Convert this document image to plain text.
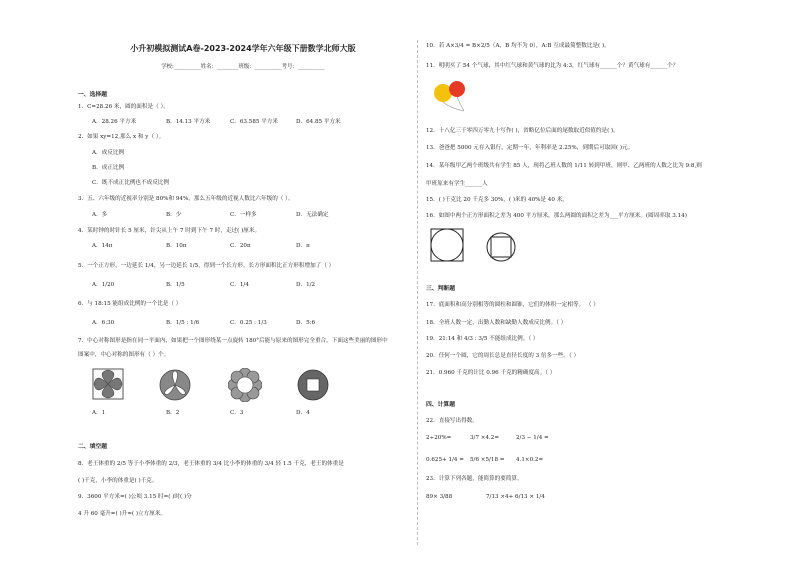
小升初模拟测试A卷-2023-2024学年六年级下册数学北师大版
学校:__________姓名：________班级：__________考号：__________
一、选择题
1．C=28.26 米，圆的面积是（ ）。
A．28.26 平方米	B．14.13 平方米	C．63.585 平方米	D．64.85 平方米
2．如果 xy=12,那么 x 和 y（ ）。
A．成反比例
B．成正比例
C．既不成正比例也不成反比例
3．五、六年级的近视率分别是 80%和 94%，那么五年级的近视人数比六年级的（ ）。
A．多	B．少	C．一样多	D．无法确定
4．某时钟的时针长 5 厘米，针尖从上午 7 时到下午 7 时，走过( )厘米。
A．14π	B．10π	C．20π	D．π
5．一个正方形，一边延长 1/4，另一边延长 1/5，得到一个长方形。长方形面积比正方形积增加了（ ）
A．1/20	B．1/5	C．1/4	D．1/2
6．与 18:15 能组成比例的一个比是（ ）
A．6:30	B．1/5 : 1/6	C．0.25 : 1/3	D．5:6
7．中心对称图形是指在同一平面内，如果把一个图形绕某一点旋转 180°后能与原来的图形完全重合，下面这些美丽的图形中
图案中，中心对称的图形有（ ）个。
A．1	B．2	C．3	D．4
二、填空题
8．老王体重的 2/5 等于小李体重的 2/3，老王体重的 3/4 比小李的体重的 3/4 轻 1.5 千克，老王的体重是
( )千克，小李的体重是( )千克。
9．3600 平方米=( )公顷 3.15 时=( )时( )分
4 升 60 毫升=( )升=( )立方厘米。
10．若 A×3/4 = B×2/5（A，B 均不为 0），A:B 互成最简整数比是( )。
11．明明买了 54 个气球，其中红气球和黄气球的比为 4:3，红气球有______个？黄气球有______个？
12．十八亿三千零四万零九十写作( )，省略亿位后面的尾数取近似值约是( )。
13．爸爸把 5000 元存入银行，定期一年，年利率是 2.25%，到期后可取回( )元。
14．某年级甲乙两个班级共有学生 85 人，现将乙班人数的 1/11 转到甲班，则甲、乙两班的人数之比为 9:8,则
甲班原来有学生______人
15．( )千克比 20 千克多 30%，( )米的 40%是 40 米。
16．如图中两个正方形面积之差为 400 平方厘米，那么两圆的面积之差为___平方厘米。(圆周率取 3.14)
三、判断题
17．底面积和高分别相等的圆柱和圆锥，它们的体积一定相等。 （ ）
18．全班人数一定，出勤人数和缺勤人数成反比例。（ ）
19．21:14 和 4/3 : 3/5 不能组成比例。（ ）
20．任何一个圆，它的周长总是直径长度的 3 倍多一些。（ ）
21．0.960 千克的计比 0.96 千克的精确度高。（ ）
四、计算题
22．直接写出得数。
2÷20%=	3/7 ×4.2=	2/3 − 1/4 =
0.625+ 1/4 = 5/6 ×5/18 = 4.1×0.2=
23．计算下列各题，能简算的要简算。
89× 3/88	7/13 ×4+ 6/13 × 1/4
